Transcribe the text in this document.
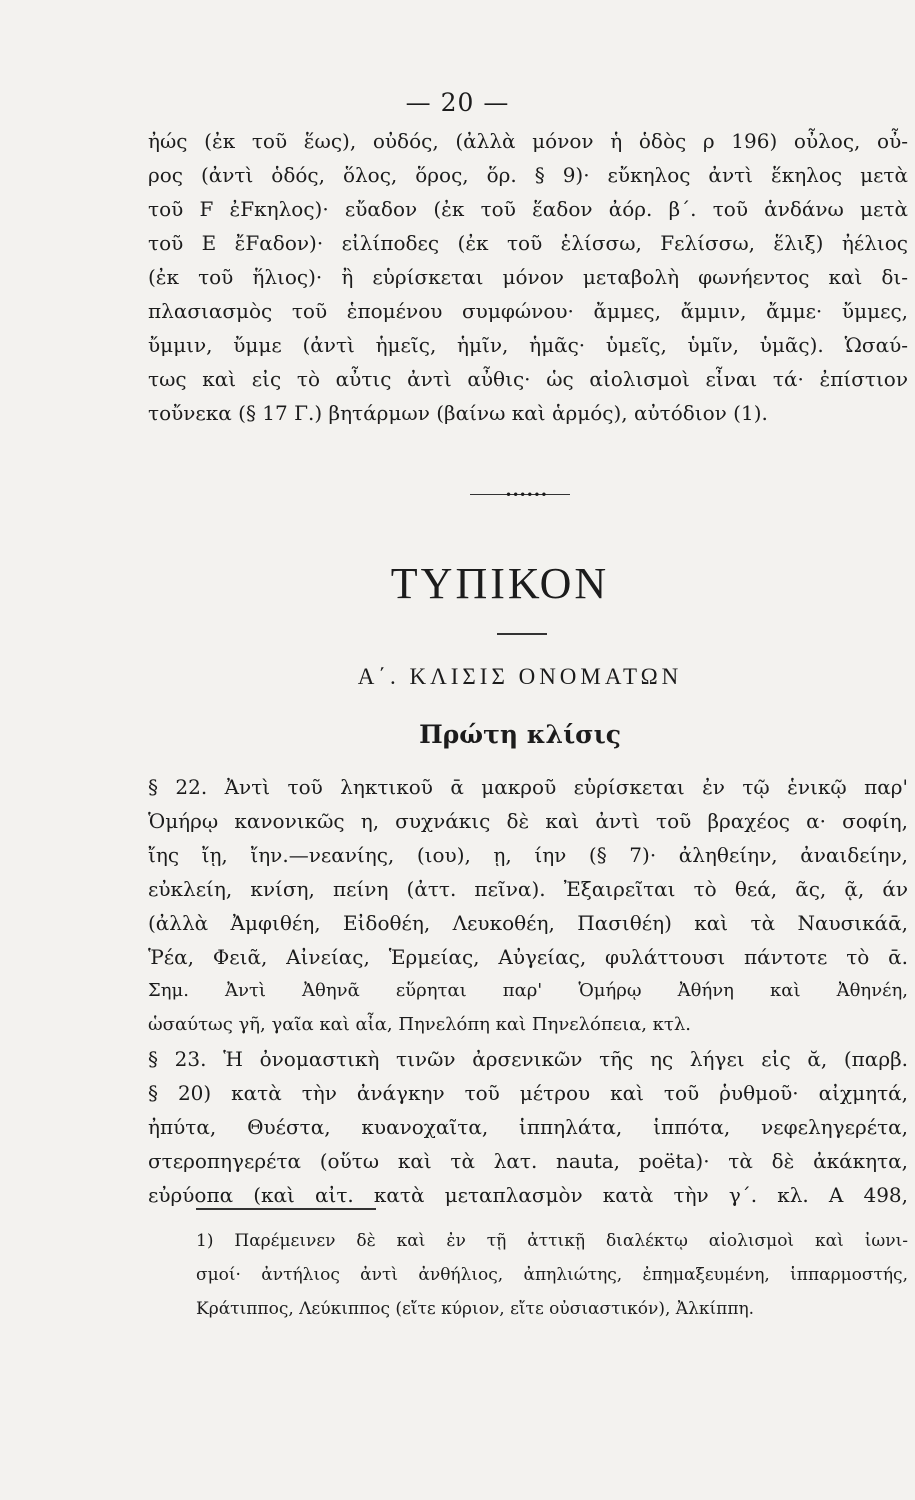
— 20 —
ἠώς (ἐκ τοῦ ἕως), οὐδός, (ἀλλὰ μόνον ἡ ὁδὸς ρ 196) οὖλος, οὖ-
ρος (ἀντὶ ὁδός, ὅλος, ὅρος, ὅρ. § 9)· εὔκηλος ἀντὶ ἕκηλος μετὰ
τοῦ F ἐFκηλος)· εὔαδον (ἐκ τοῦ ἕαδον ἀόρ. β΄. τοῦ ἁνδάνω μετὰ
τοῦ Ε ἔFαδον)· εἰλίποδες (ἐκ τοῦ ἑλίσσω, Fελίσσω, ἕλιξ) ἠέλιος
(ἐκ τοῦ ἥλιος)· ἢ εὑρίσκεται μόνον μεταβολὴ φωνήεντος καὶ δι-
πλασιασμὸς τοῦ ἑπομένου συμφώνου· ἄμμες, ἄμμιν, ἄμμε· ὔμμες,
ὔμμιν, ὔμμε (ἀντὶ ἡμεῖς, ἡμῖν, ἡμᾶς· ὑμεῖς, ὑμῖν, ὑμᾶς). Ὡσαύ-
τως καὶ εἰς τὸ αὖτις ἀντὶ αὖθις· ὡς αἰολισμοὶ εἶναι τά· ἐπίστιον
τοὔνεκα (§ 17 Γ.) βητάρμων (βαίνω καὶ ἁρμός), αὐτόδιον (1).
••••••
ΤΥΠΙΚΟΝ
Α΄. ΚΛΙΣΙΣ ΟΝΟΜΑΤΩΝ
Πρώτη κλίσις
§ 22. Ἀντὶ τοῦ ληκτικοῦ ᾱ μακροῦ εὑρίσκεται ἐν τῷ ἑνικῷ παρ'
Ὁμήρῳ κανονικῶς η, συχνάκις δὲ καὶ ἀντὶ τοῦ βραχέος α· σοφίη,
ἴης ἴῃ, ἴην.—νεανίης, (ιου), ῃ, ίην (§ 7)· ἀληθείην, ἀναιδείην,
εὐκλείη, κνίση, πείνη (ἀττ. πεῖνα). Ἐξαιρεῖται τὸ θεά, ᾶς, ᾷ, άν
(ἀλλὰ Ἀμφιθέη, Εἰδοθέη, Λευκοθέη, Πασιθέη) καὶ τὰ Ναυσικάᾱ,
Ῥέα, Φειᾶ, Αἰνείας, Ἑρμείας, Αὐγείας, φυλάττουσι πάντοτε τὸ ᾱ.
Σημ. Ἀντὶ Ἀθηνᾶ εὕρηται παρ' Ὁμήρῳ Ἀθήνη καὶ Ἀθηνέη,
ὡσαύτως γῆ, γαῖα καὶ αἶα, Πηνελόπη καὶ Πηνελόπεια, κτλ.
§ 23. Ἡ ὀνομαστικὴ τινῶν ἀρσενικῶν τῆς ης λήγει εἰς ᾰ, (παρβ.
§ 20) κατὰ τὴν ἀνάγκην τοῦ μέτρου καὶ τοῦ ῥυθμοῦ· αἰχμητά,
ἠπύτα, Θυέστα, κυανοχαῖτα, ἱππηλάτα, ἱππότα, νεφεληγερέτα,
στεροπηγερέτα (οὕτω καὶ τὰ λατ. nauta, poëta)· τὰ δὲ ἀκάκητα,
εὐρύοπα (καὶ αἰτ. κατὰ μεταπλασμὸν κατὰ τὴν γ΄. κλ. Α 498,
1) Παρέμεινεν δὲ καὶ ἐν τῇ ἀττικῇ διαλέκτῳ αἰολισμοὶ καὶ ἰωνι-
σμοί· ἀντήλιος ἀντὶ ἀνθήλιος, ἀπηλιώτης, ἐπημαξευμένη, ἱππαρμοστής,
Κράτιππος, Λεύκιππος (εἴτε κύριον, εἴτε οὐσιαστικόν), Ἀλκίππη.
